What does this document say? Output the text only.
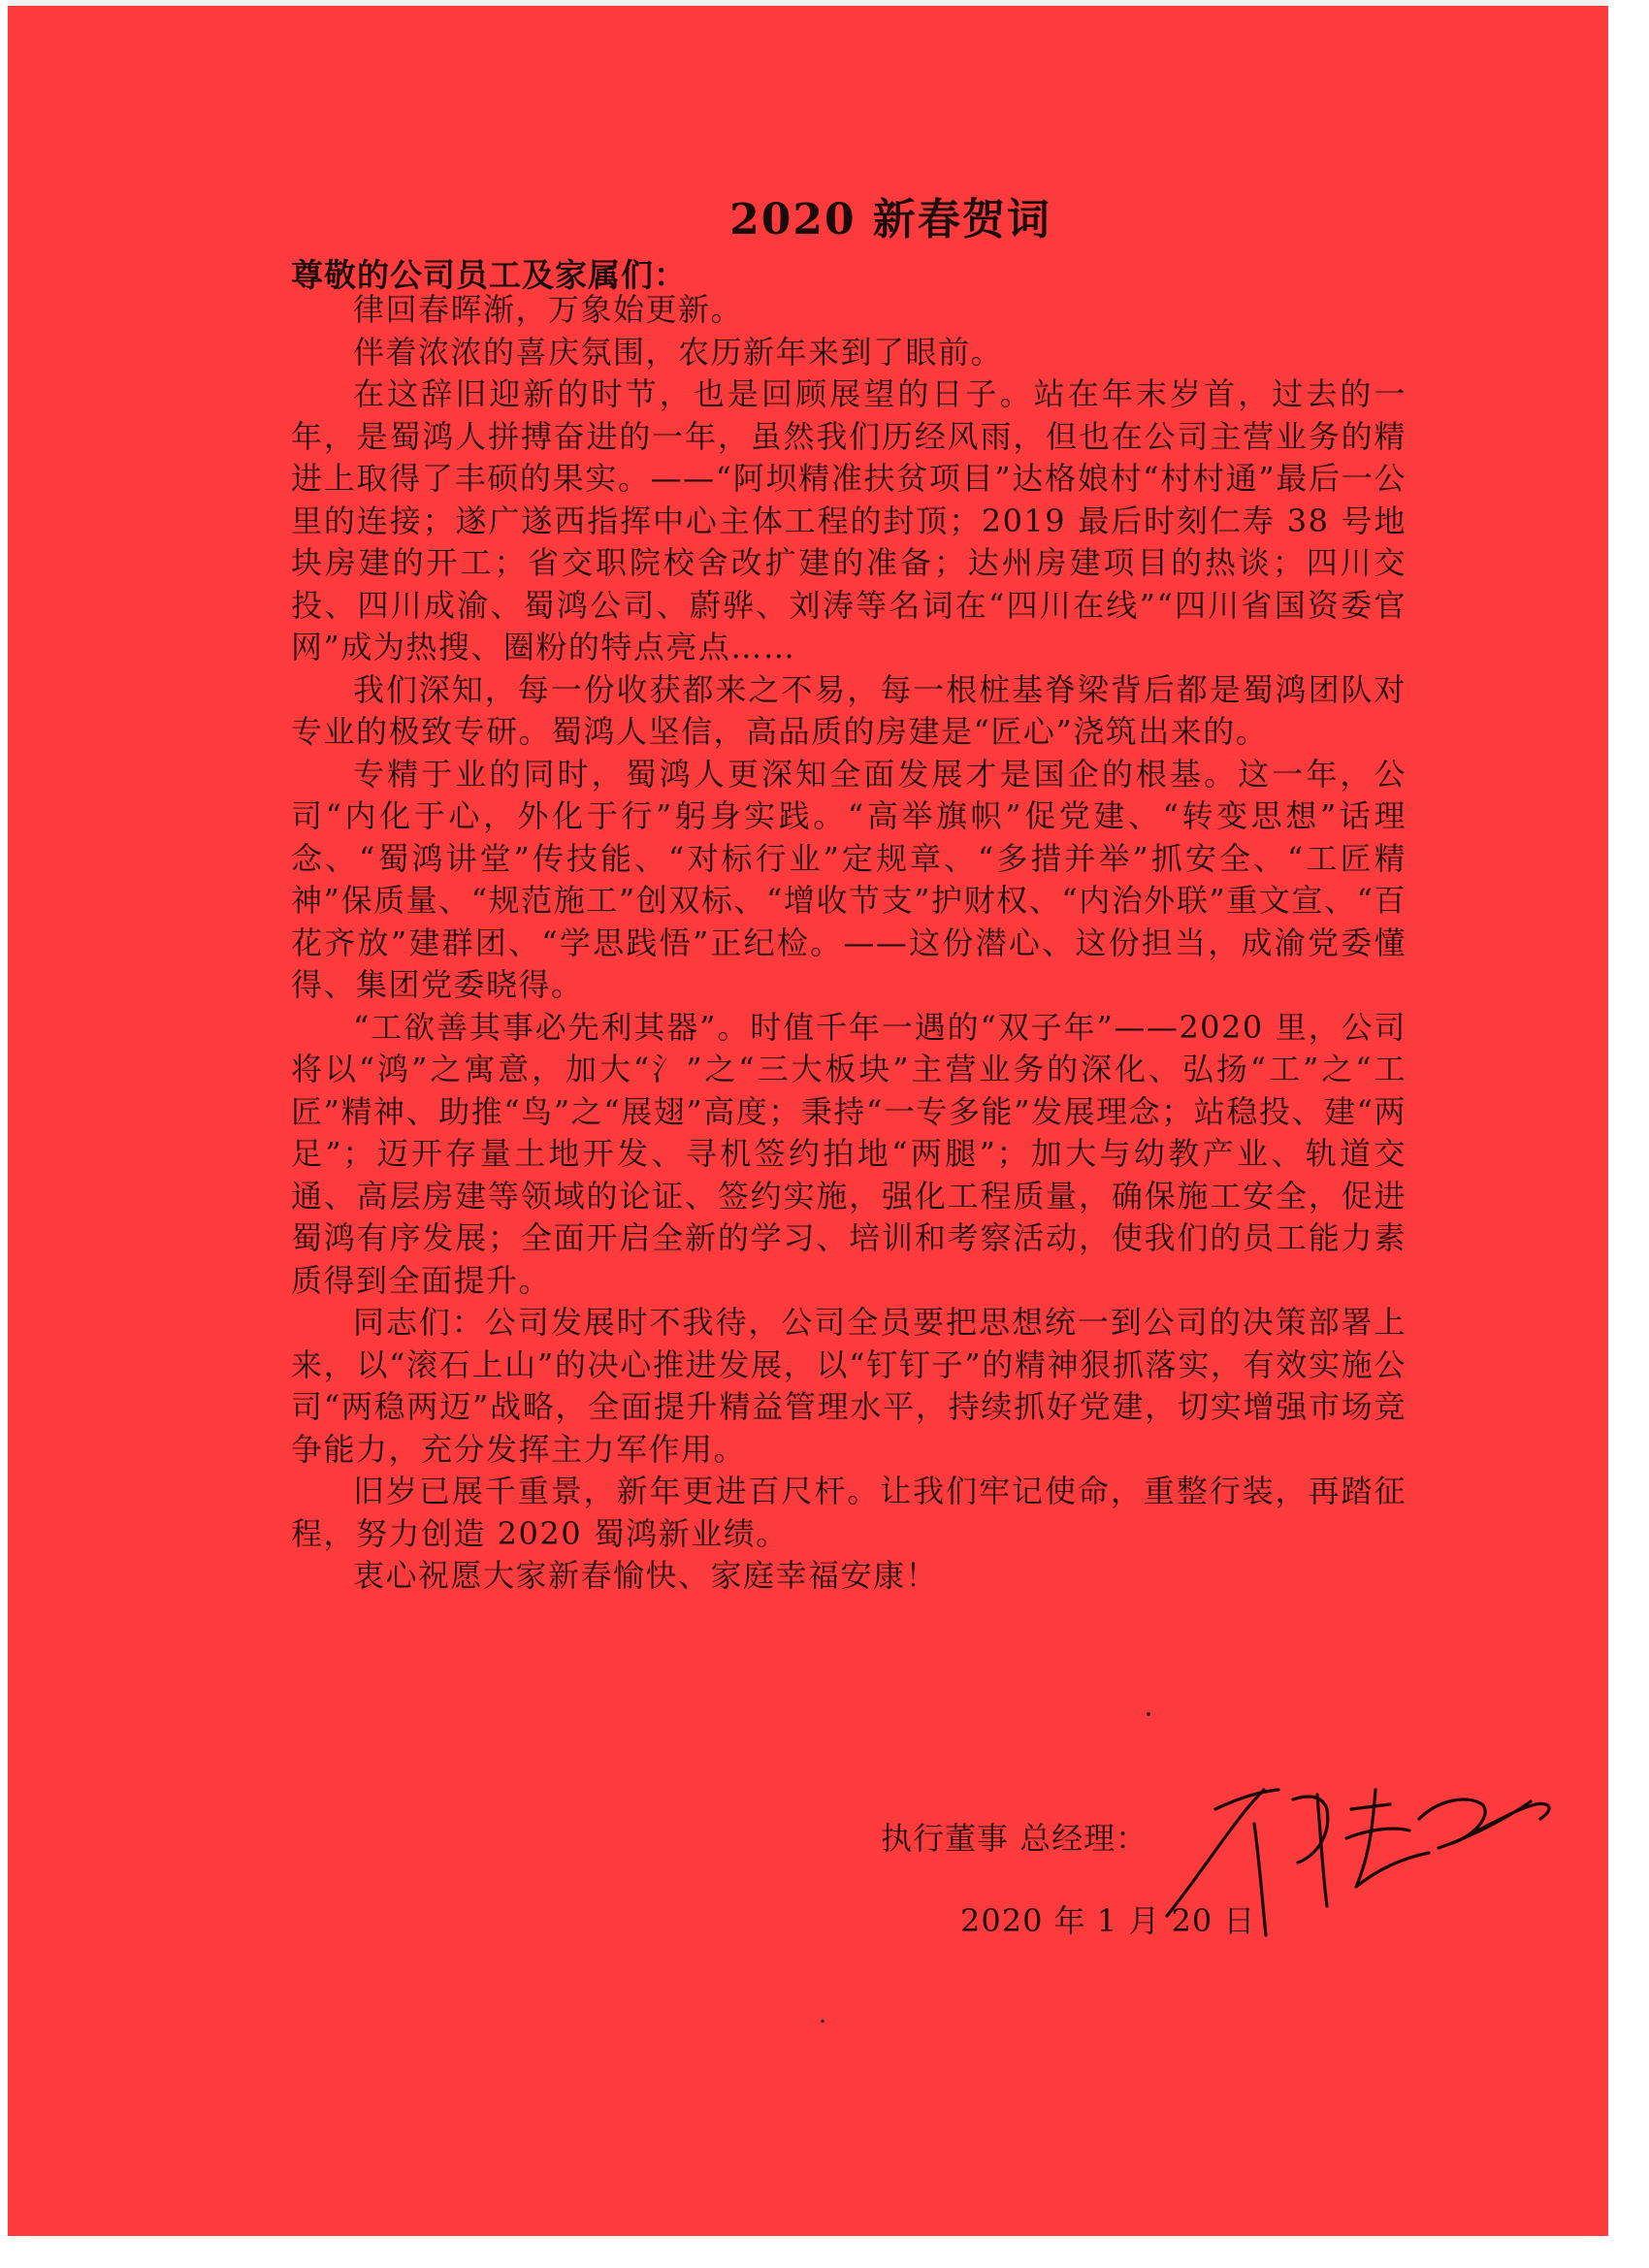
2020 新春贺词
尊敬的公司员工及家属们：

律回春晖渐，万象始更新。

伴着浓浓的喜庆氛围，农历新年来到了眼前。

在这辞旧迎新的时节，也是回顾展望的日子。站在年末岁首，过去的一年，是蜀鸿人拼搏奋进的一年，虽然我们历经风雨，但也在公司主营业务的精进上取得了丰硕的果实。——“阿坝精准扶贫项目”达格娘村“村村通”最后一公里的连接；遂广遂西指挥中心主体工程的封顶；2019 最后时刻仁寿 38 号地块房建的开工；省交职院校舍改扩建的准备；达州房建项目的热谈；四川交投、四川成渝、蜀鸿公司、蔚骅、刘涛等名词在“四川在线”“四川省国资委官网”成为热搜、圈粉的特点亮点……

我们深知，每一份收获都来之不易，每一根桩基脊梁背后都是蜀鸿团队对专业的极致专研。蜀鸿人坚信，高品质的房建是“匠心”浇筑出来的。

专精于业的同时，蜀鸿人更深知全面发展才是国企的根基。这一年，公司“内化于心，外化于行”躬身实践。“高举旗帜”促党建、“转变思想”话理念、“蜀鸿讲堂”传技能、“对标行业”定规章、“多措并举”抓安全、“工匠精神”保质量、“规范施工”创双标、“增收节支”护财权、“内治外联”重文宣、“百花齐放”建群团、“学思践悟”正纪检。——这份潜心、这份担当，成渝党委懂得、集团党委晓得。

“工欲善其事必先利其器”。时值千年一遇的“双子年”——2020 里，公司将以“鸿”之寓意，加大“氵”之“三大板块”主营业务的深化、弘扬“工”之“工匠”精神、助推“鸟”之“展翅”高度；秉持“一专多能”发展理念；站稳投、建“两足”；迈开存量土地开发、寻机签约拍地“两腿”；加大与幼教产业、轨道交通、高层房建等领域的论证、签约实施，强化工程质量，确保施工安全，促进蜀鸿有序发展；全面开启全新的学习、培训和考察活动，使我们的员工能力素质得到全面提升。

同志们：公司发展时不我待，公司全员要把思想统一到公司的决策部署上来，以“滚石上山”的决心推进发展，以“钉钉子”的精神狠抓落实，有效实施公司“两稳两迈”战略，全面提升精益管理水平，持续抓好党建，切实增强市场竞争能力，充分发挥主力军作用。

旧岁已展千重景，新年更进百尺杆。让我们牢记使命，重整行装，再踏征程，努力创造 2020 蜀鸿新业绩。

衷心祝愿大家新春愉快、家庭幸福安康！

执行董事 总经理：
2020 年 1 月 20 日
